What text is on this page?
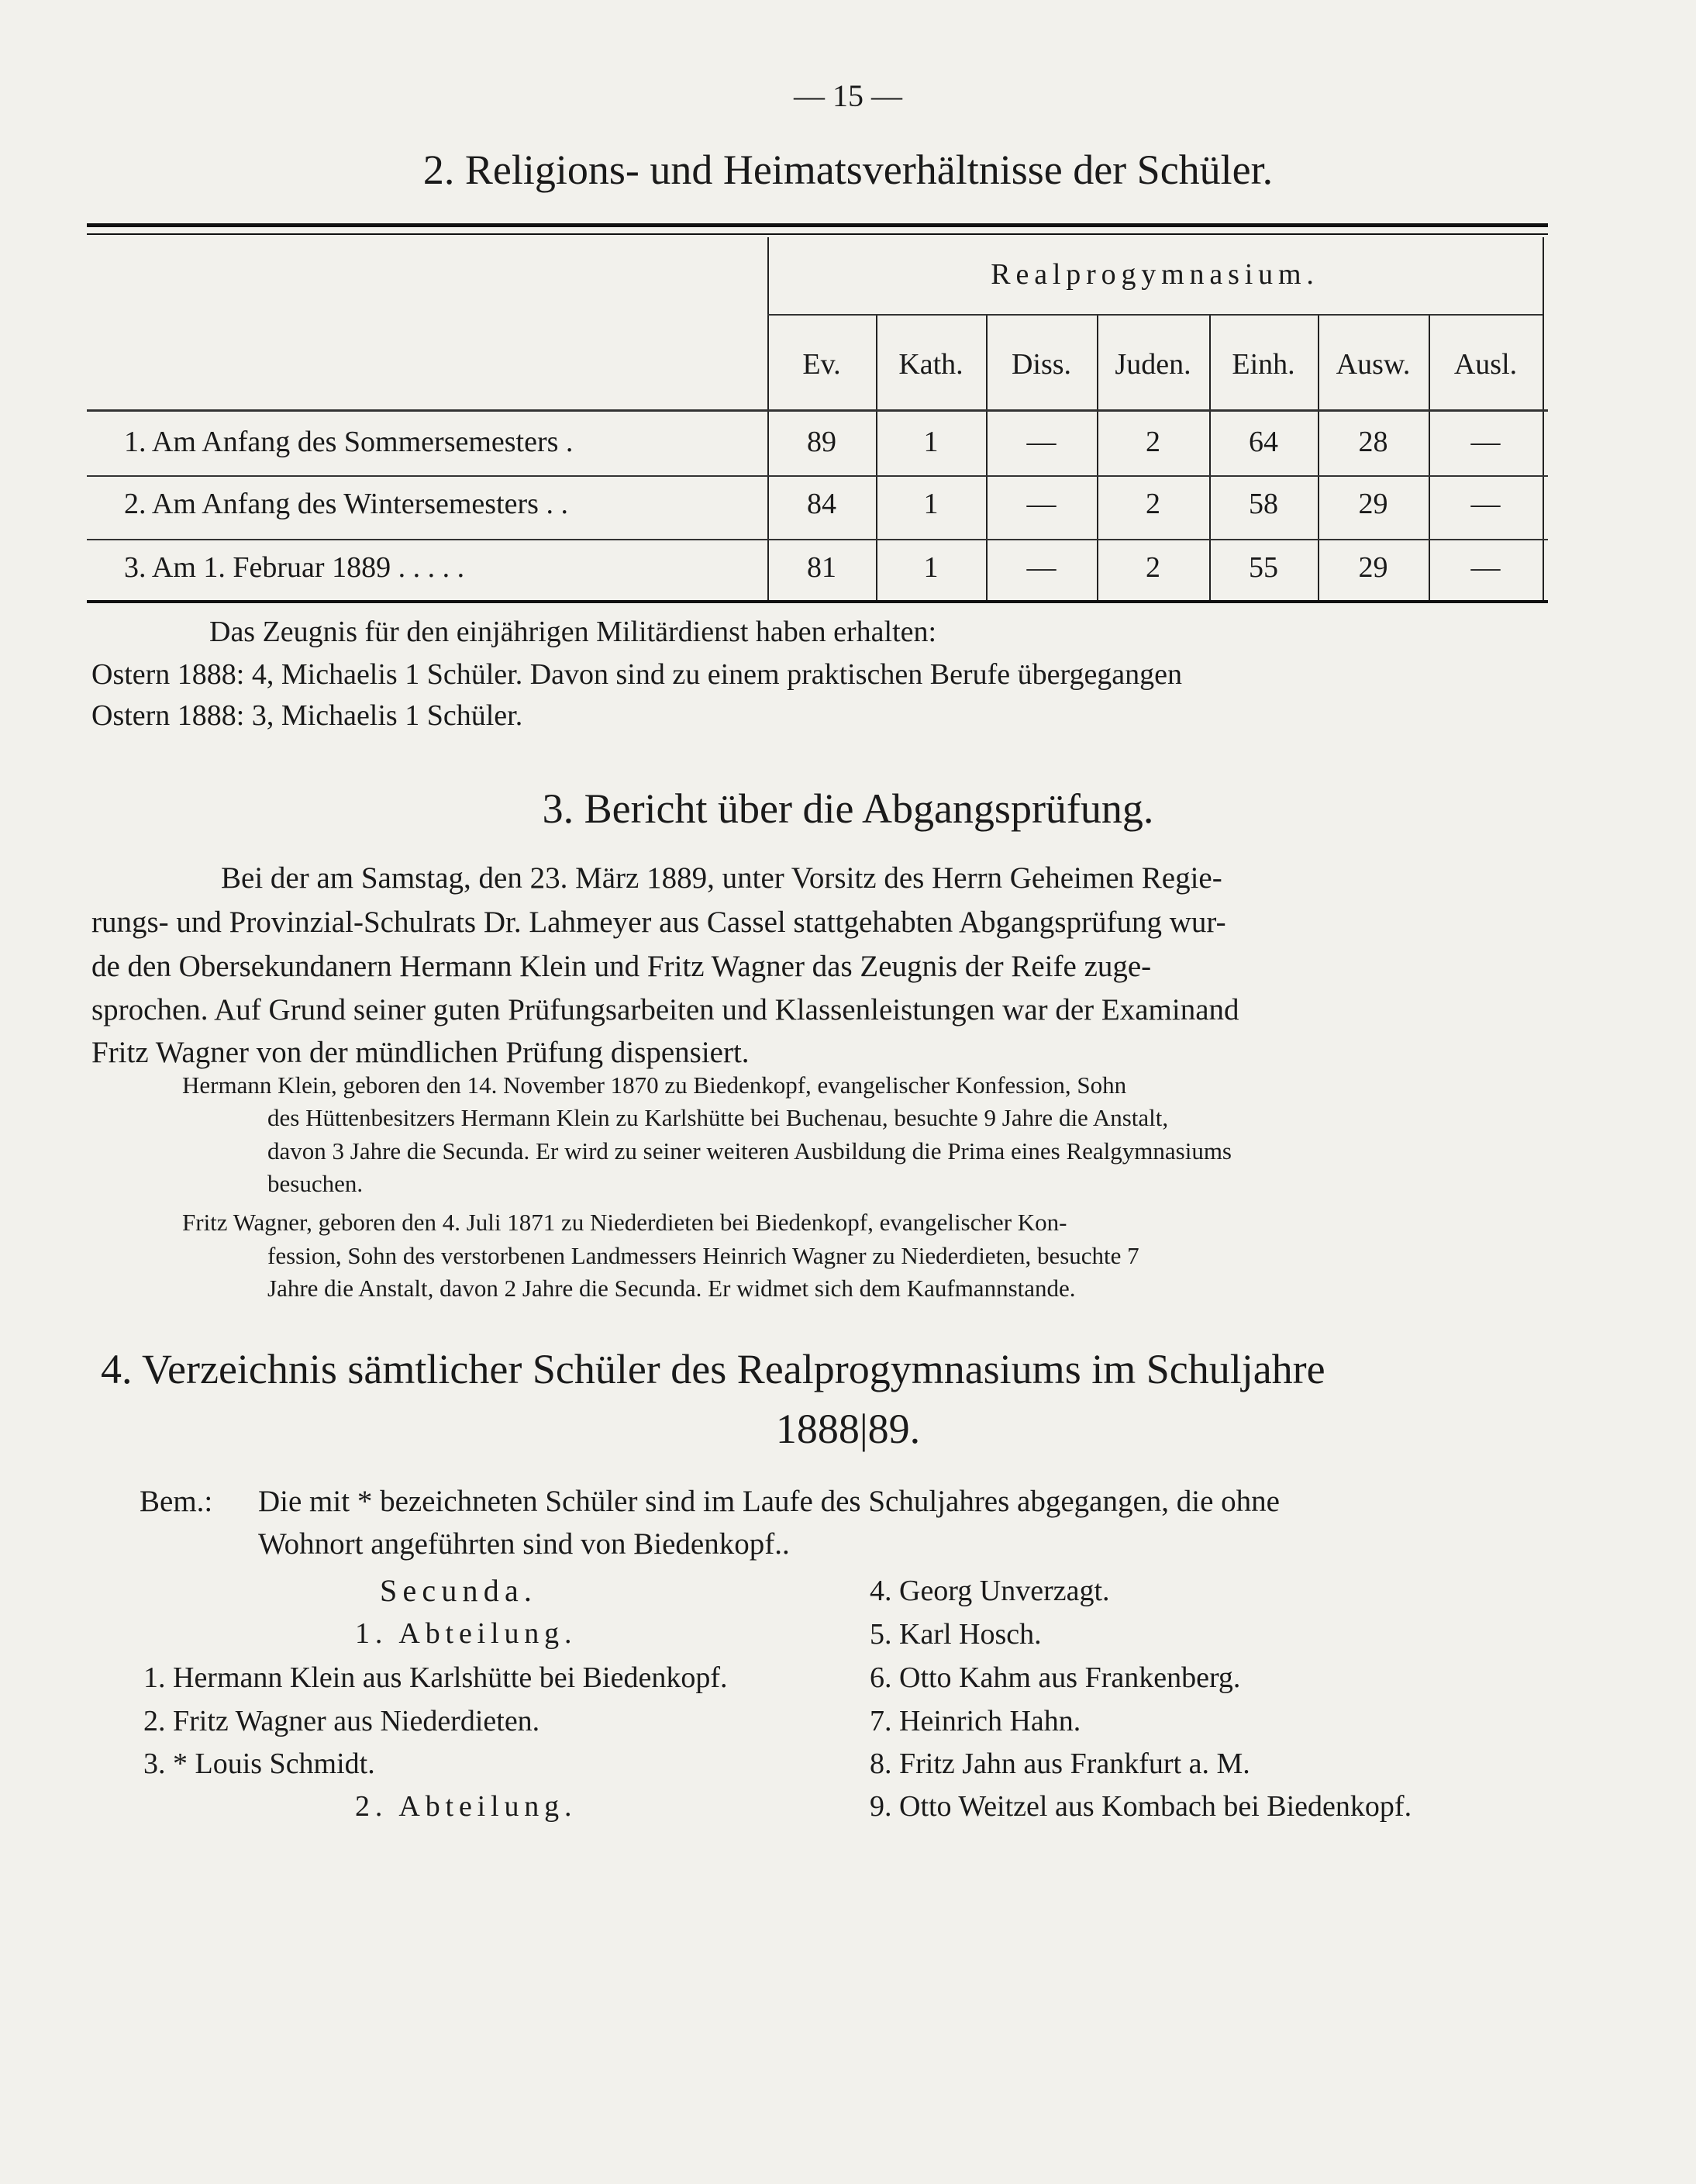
— 15 —
2. Religions- und Heimatsverhältnisse der Schüler.
Realprogymnasium.
Ev.	Kath.	Diss.	Juden.	Einh.	Ausw.	Ausl.
1. Am Anfang des Sommersemesters .	89	1	—	2	64	28	—
2. Am Anfang des Wintersemesters . .	84	1	—	2	58	29	—
3. Am 1. Februar 1889 . . . . .	81	1	—	2	55	29	—
Das Zeugnis für den einjährigen Militärdienst haben erhalten:
Ostern 1888: 4, Michaelis 1 Schüler. Davon sind zu einem praktischen Berufe übergegangen
Ostern 1888: 3, Michaelis 1 Schüler.
3. Bericht über die Abgangsprüfung.
Bei der am Samstag, den 23. März 1889, unter Vorsitz des Herrn Geheimen Regie-
rungs- und Provinzial-Schulrats Dr. Lahmeyer aus Cassel stattgehabten Abgangsprüfung wur-
de den Obersekundanern Hermann Klein und Fritz Wagner das Zeugnis der Reife zuge-
sprochen. Auf Grund seiner guten Prüfungsarbeiten und Klassenleistungen war der Examinand
Fritz Wagner von der mündlichen Prüfung dispensiert.
Hermann Klein, geboren den 14. November 1870 zu Biedenkopf, evangelischer Konfession, Sohn
des Hüttenbesitzers Hermann Klein zu Karlshütte bei Buchenau, besuchte 9 Jahre die Anstalt,
davon 3 Jahre die Secunda. Er wird zu seiner weiteren Ausbildung die Prima eines Realgymnasiums
besuchen.
Fritz Wagner, geboren den 4. Juli 1871 zu Niederdieten bei Biedenkopf, evangelischer Kon-
fession, Sohn des verstorbenen Landmessers Heinrich Wagner zu Niederdieten, besuchte 7
Jahre die Anstalt, davon 2 Jahre die Secunda. Er widmet sich dem Kaufmannstande.
4. Verzeichnis sämtlicher Schüler des Realprogymnasiums im Schuljahre
1888|89.
Bem.: Die mit * bezeichneten Schüler sind im Laufe des Schuljahres abgegangen, die ohne
Wohnort angeführten sind von Biedenkopf..
Secunda.
1. Abteilung.
1. Hermann Klein aus Karlshütte bei Biedenkopf.
2. Fritz Wagner aus Niederdieten.
3. * Louis Schmidt.
2. Abteilung.
4. Georg Unverzagt.
5. Karl Hosch.
6. Otto Kahm aus Frankenberg.
7. Heinrich Hahn.
8. Fritz Jahn aus Frankfurt a. M.
9. Otto Weitzel aus Kombach bei Biedenkopf.
